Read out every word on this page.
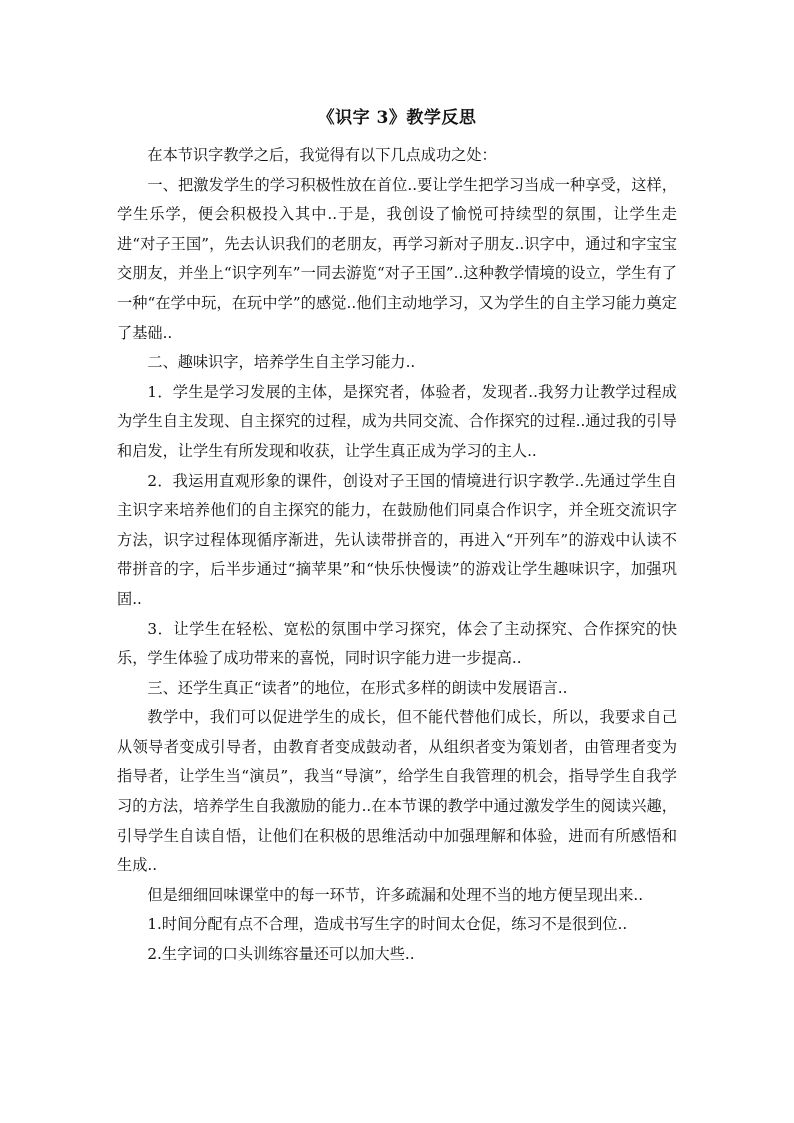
《识字 3》教学反思

在本节识字教学之后，我觉得有以下几点成功之处：

一、把激发学生的学习积极性放在首位..要让学生把学习当成一种享受，这样，学生乐学，便会积极投入其中..于是，我创设了愉悦可持续型的氛围，让学生走进“对子王国”，先去认识我们的老朋友，再学习新对子朋友..识字中，通过和字宝宝交朋友，并坐上“识字列车”一同去游览“对子王国”..这种教学情境的设立，学生有了一种“在学中玩，在玩中学”的感觉..他们主动地学习，又为学生的自主学习能力奠定了基础..

二、趣味识字，培养学生自主学习能力..

1．学生是学习发展的主体，是探究者，体验者，发现者..我努力让教学过程成为学生自主发现、自主探究的过程，成为共同交流、合作探究的过程..通过我的引导和启发，让学生有所发现和收获，让学生真正成为学习的主人..

2．我运用直观形象的课件，创设对子王国的情境进行识字教学..先通过学生自主识字来培养他们的自主探究的能力，在鼓励他们同桌合作识字，并全班交流识字方法，识字过程体现循序渐进，先认读带拼音的，再进入“开列车”的游戏中认读不带拼音的字，后半步通过“摘苹果”和“快乐快慢读”的游戏让学生趣味识字，加强巩固..

3．让学生在轻松、宽松的氛围中学习探究，体会了主动探究、合作探究的快乐，学生体验了成功带来的喜悦，同时识字能力进一步提高..

三、还学生真正“读者”的地位，在形式多样的朗读中发展语言..

教学中，我们可以促进学生的成长，但不能代替他们成长，所以，我要求自己从领导者变成引导者，由教育者变成鼓动者，从组织者变为策划者，由管理者变为指导者，让学生当“演员”，我当“导演”，给学生自我管理的机会，指导学生自我学习的方法，培养学生自我激励的能力..在本节课的教学中通过激发学生的阅读兴趣，引导学生自读自悟，让他们在积极的思维活动中加强理解和体验，进而有所感悟和生成..

但是细细回味课堂中的每一环节，许多疏漏和处理不当的地方便呈现出来..

1.时间分配有点不合理，造成书写生字的时间太仓促，练习不是很到位..

2.生字词的口头训练容量还可以加大些..
